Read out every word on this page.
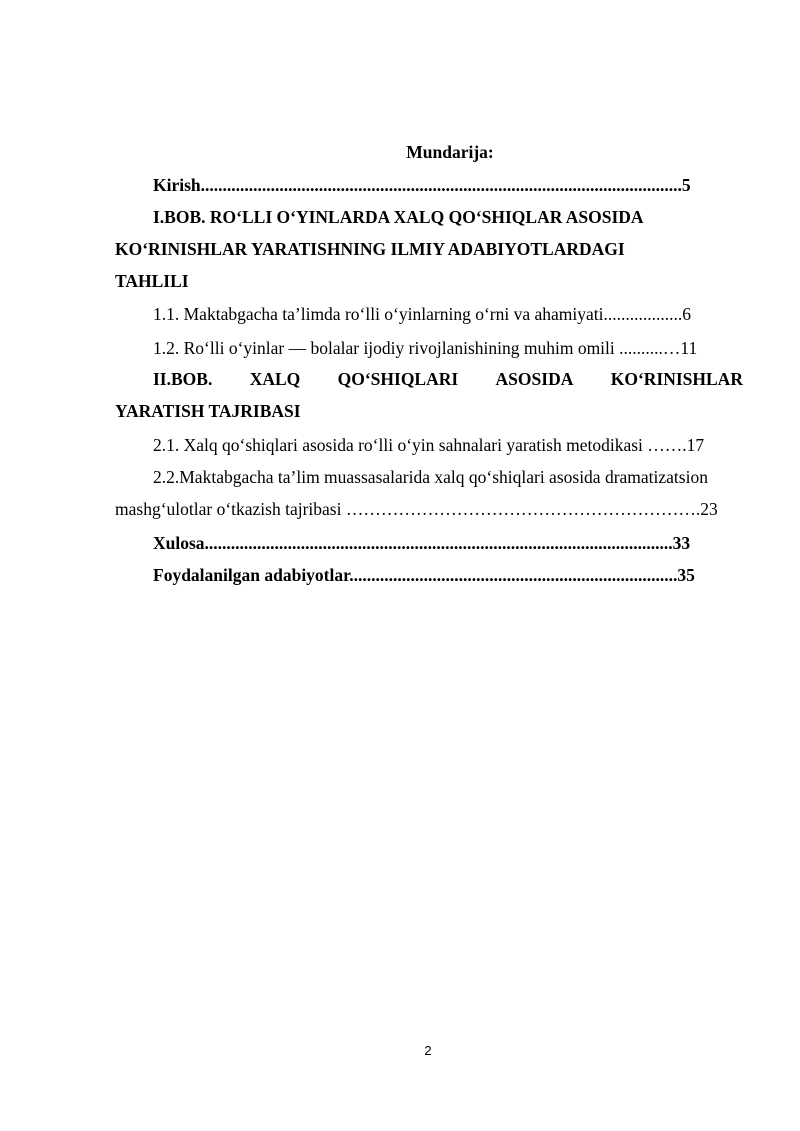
Mundarija:
Kirish..............................................................................................................5
I.BOB. RO‘LLI O‘YINLARDA XALQ QO‘SHIQLAR ASOSIDA
KO‘RINISHLAR YARATISHNING ILMIY ADABIYOTLARDAGI
TAHLILI
1.1. Maktabgacha ta’limda ro‘lli o‘yinlarning o‘rni va ahamiyati..................6
1.2. Ro‘lli o‘yinlar — bolalar ijodiy rivojlanishining muhim omili ..........…11
II.BOB. XALQ QO‘SHIQLARI ASOSIDA KO‘RINISHLAR
YARATISH TAJRIBASI
2.1. Xalq qo‘shiqlari asosida ro‘lli o‘yin sahnalari yaratish metodikasi …….17
2.2.Maktabgacha ta’lim muassasalarida xalq qo‘shiqlari asosida dramatizatsion
mashg‘ulotlar o‘tkazish tajribasi …………………………………………………….23
Xulosa...........................................................................................................33
Foydalanilgan adabiyotlar...........................................................................35
2
